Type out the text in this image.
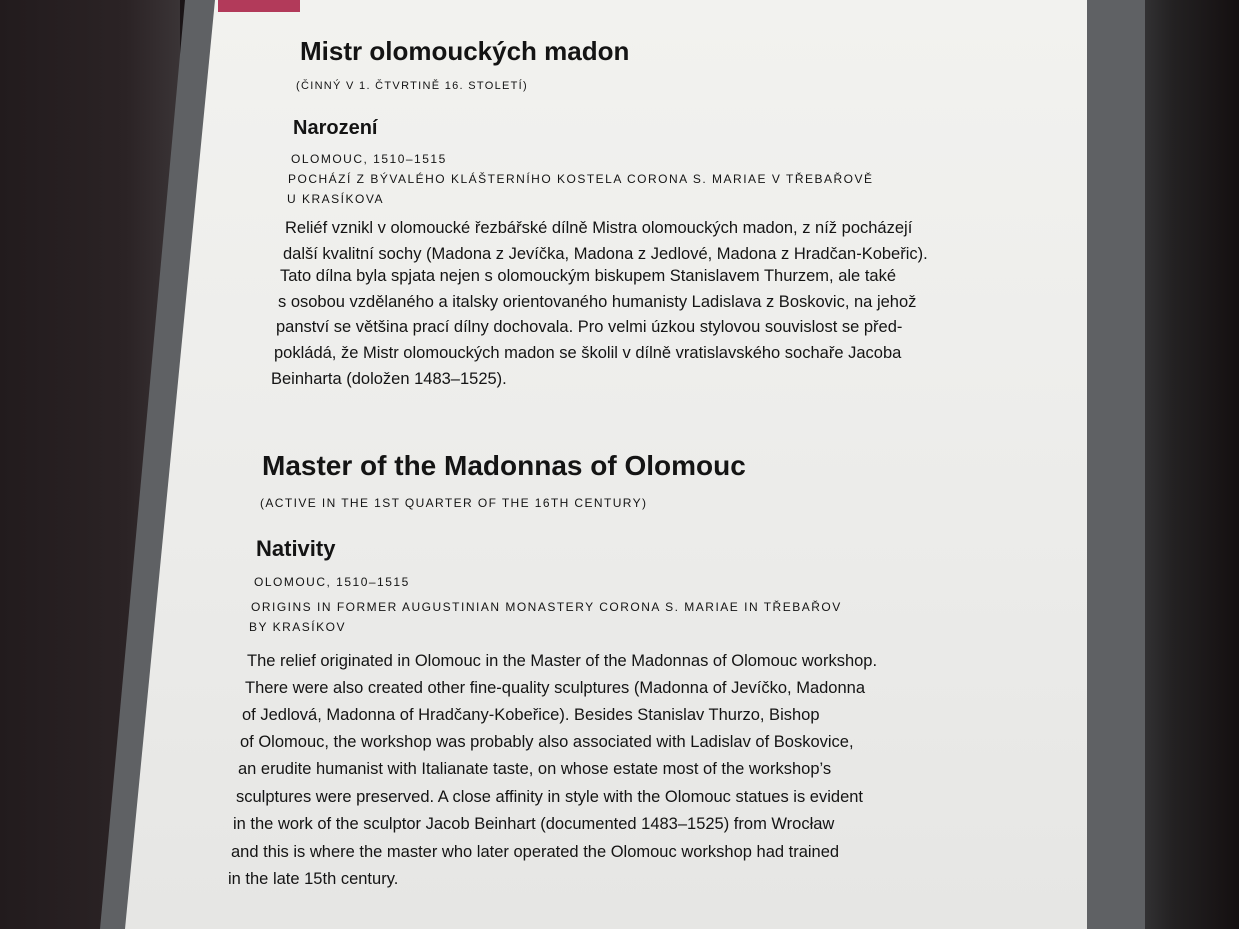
Mistr olomouckých madon
(ČINNÝ V 1. ČTVRTINĚ 16. STOLETÍ)
Narození
OLOMOUC, 1510–1515
POCHÁZÍ Z BÝVALÉHO KLÁŠTERNÍHO KOSTELA CORONA S. MARIAE V TŘEBAŘOVĚ
U KRASÍKOVA
Reliéf vznikl v olomoucké řezbářské dílně Mistra olomouckých madon, z níž pocházejí
další kvalitní sochy (Madona z Jevíčka, Madona z Jedlové, Madona z Hradčan-Kobeřic).
Tato dílna byla spjata nejen s olomouckým biskupem Stanislavem Thurzem, ale také
s osobou vzdělaného a italsky orientovaného humanisty Ladislava z Boskovic, na jehož
panství se většina prací dílny dochovala. Pro velmi úzkou stylovou souvislost se před-
pokládá, že Mistr olomouckých madon se školil v dílně vratislavského sochaře Jacoba
Beinharta (doložen 1483–1525).
Master of the Madonnas of Olomouc
(ACTIVE IN THE 1ST QUARTER OF THE 16TH CENTURY)
Nativity
OLOMOUC, 1510–1515
ORIGINS IN FORMER AUGUSTINIAN MONASTERY CORONA S. MARIAE IN TŘEBAŘOV
BY KRASÍKOV
The relief originated in Olomouc in the Master of the Madonnas of Olomouc workshop.
There were also created other fine-quality sculptures (Madonna of Jevíčko, Madonna
of Jedlová, Madonna of Hradčany-Kobeřice). Besides Stanislav Thurzo, Bishop
of Olomouc, the workshop was probably also associated with Ladislav of Boskovice,
an erudite humanist with Italianate taste, on whose estate most of the workshop’s
sculptures were preserved. A close affinity in style with the Olomouc statues is evident
in the work of the sculptor Jacob Beinhart (documented 1483–1525) from Wrocław
and this is where the master who later operated the Olomouc workshop had trained
in the late 15th century.
